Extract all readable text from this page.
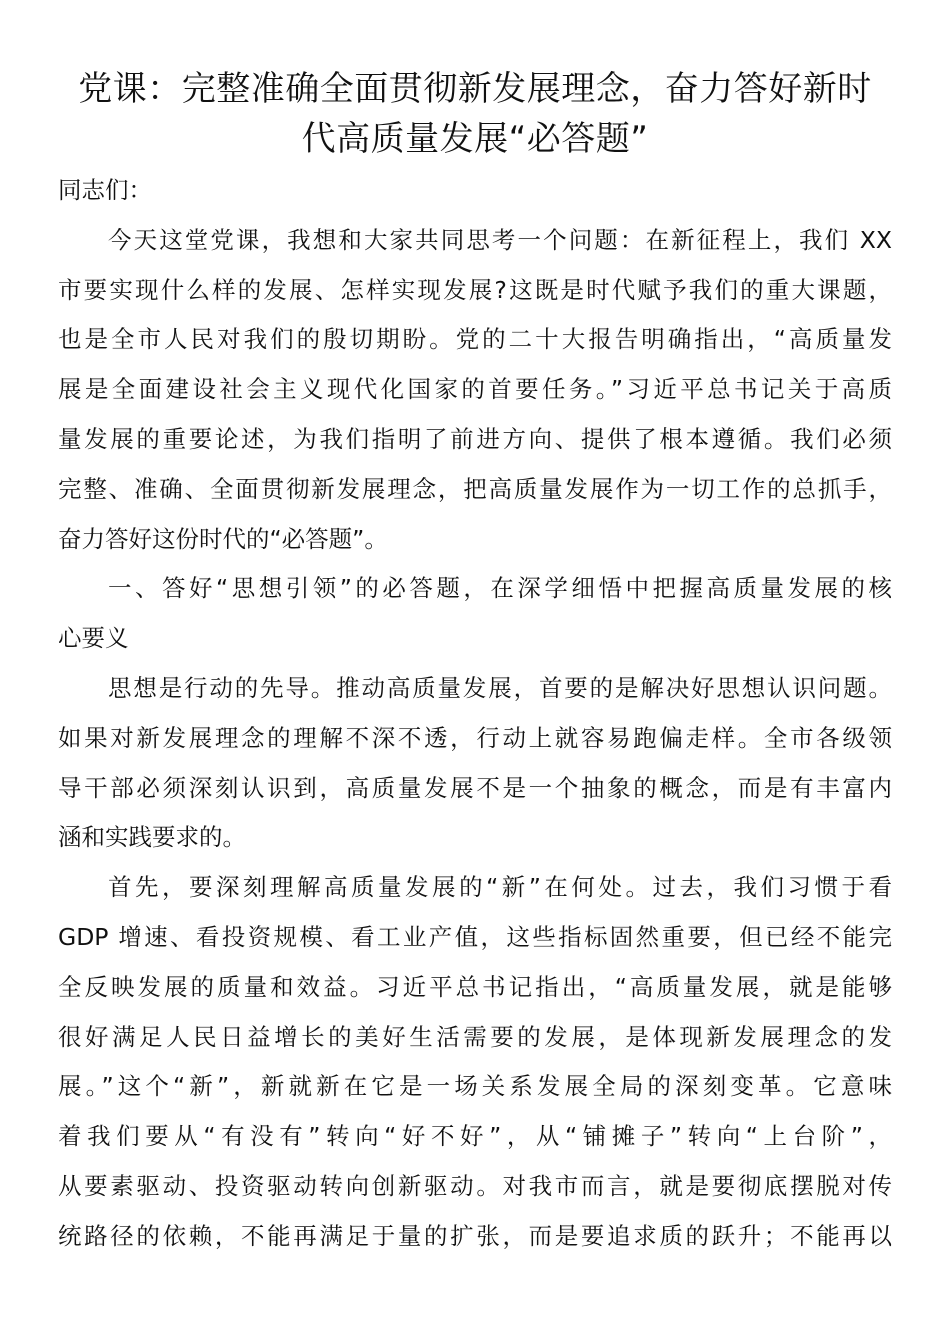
党课：完整准确全面贯彻新发展理念，奋力答好新时
代高质量发展“必答题”
同志们：
今天这堂党课，我想和大家共同思考一个问题：在新征程上，我们 XX
市要实现什么样的发展、怎样实现发展?这既是时代赋予我们的重大课题，
也是全市人民对我们的殷切期盼。党的二十大报告明确指出，“高质量发
展是全面建设社会主义现代化国家的首要任务。”习近平总书记关于高质
量发展的重要论述，为我们指明了前进方向、提供了根本遵循。我们必须
完整、准确、全面贯彻新发展理念，把高质量发展作为一切工作的总抓手，
奋力答好这份时代的“必答题”。
一、答好“思想引领”的必答题，在深学细悟中把握高质量发展的核
心要义
思想是行动的先导。推动高质量发展，首要的是解决好思想认识问题。
如果对新发展理念的理解不深不透，行动上就容易跑偏走样。全市各级领
导干部必须深刻认识到，高质量发展不是一个抽象的概念，而是有丰富内
涵和实践要求的。
首先，要深刻理解高质量发展的“新”在何处。过去，我们习惯于看
GDP 增速、看投资规模、看工业产值，这些指标固然重要，但已经不能完
全反映发展的质量和效益。习近平总书记指出，“高质量发展，就是能够
很好满足人民日益增长的美好生活需要的发展，是体现新发展理念的发
展。”这个“新”，新就新在它是一场关系发展全局的深刻变革。它意味
着我们要从“有没有”转向“好不好”，从“铺摊子”转向“上台阶”，
从要素驱动、投资驱动转向创新驱动。对我市而言，就是要彻底摆脱对传
统路径的依赖，不能再满足于量的扩张，而是要追求质的跃升；不能再以
